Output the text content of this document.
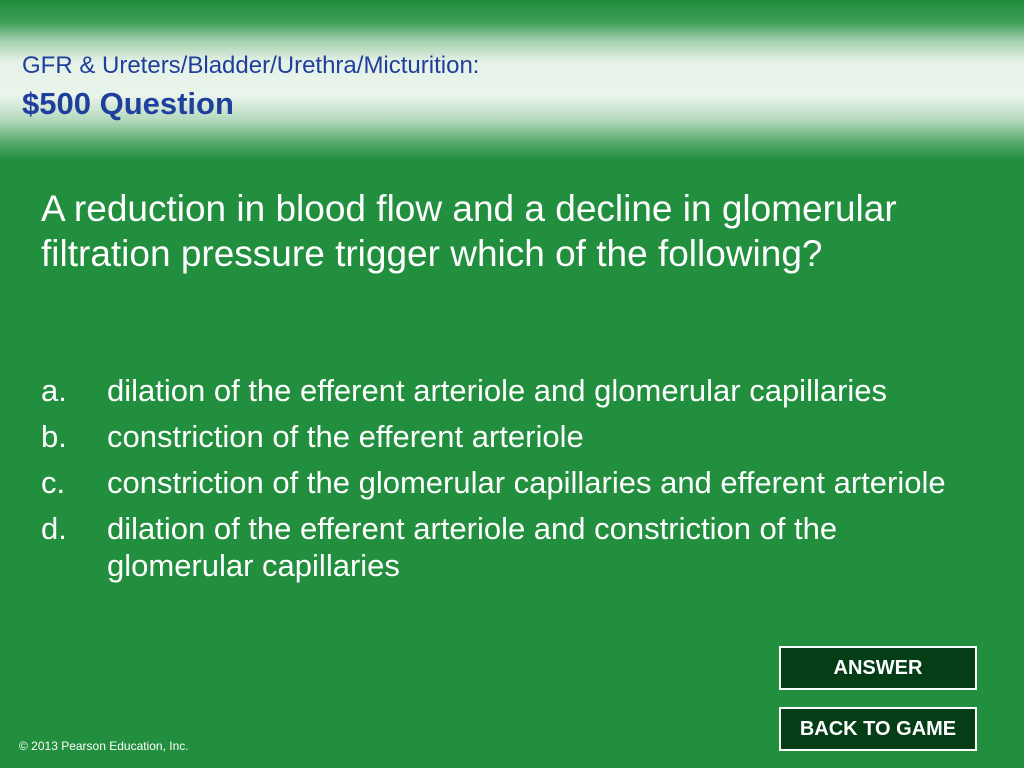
GFR & Ureters/Bladder/Urethra/Micturition:
$500 Question
A reduction in blood flow and a decline in glomerular filtration pressure trigger which of the following?
a.	dilation of the efferent arteriole and glomerular capillaries
b.	constriction of the efferent arteriole
c.	constriction of the glomerular capillaries and efferent arteriole
d.	dilation of the efferent arteriole and constriction of the glomerular capillaries
ANSWER
BACK TO GAME
© 2013 Pearson Education, Inc.
